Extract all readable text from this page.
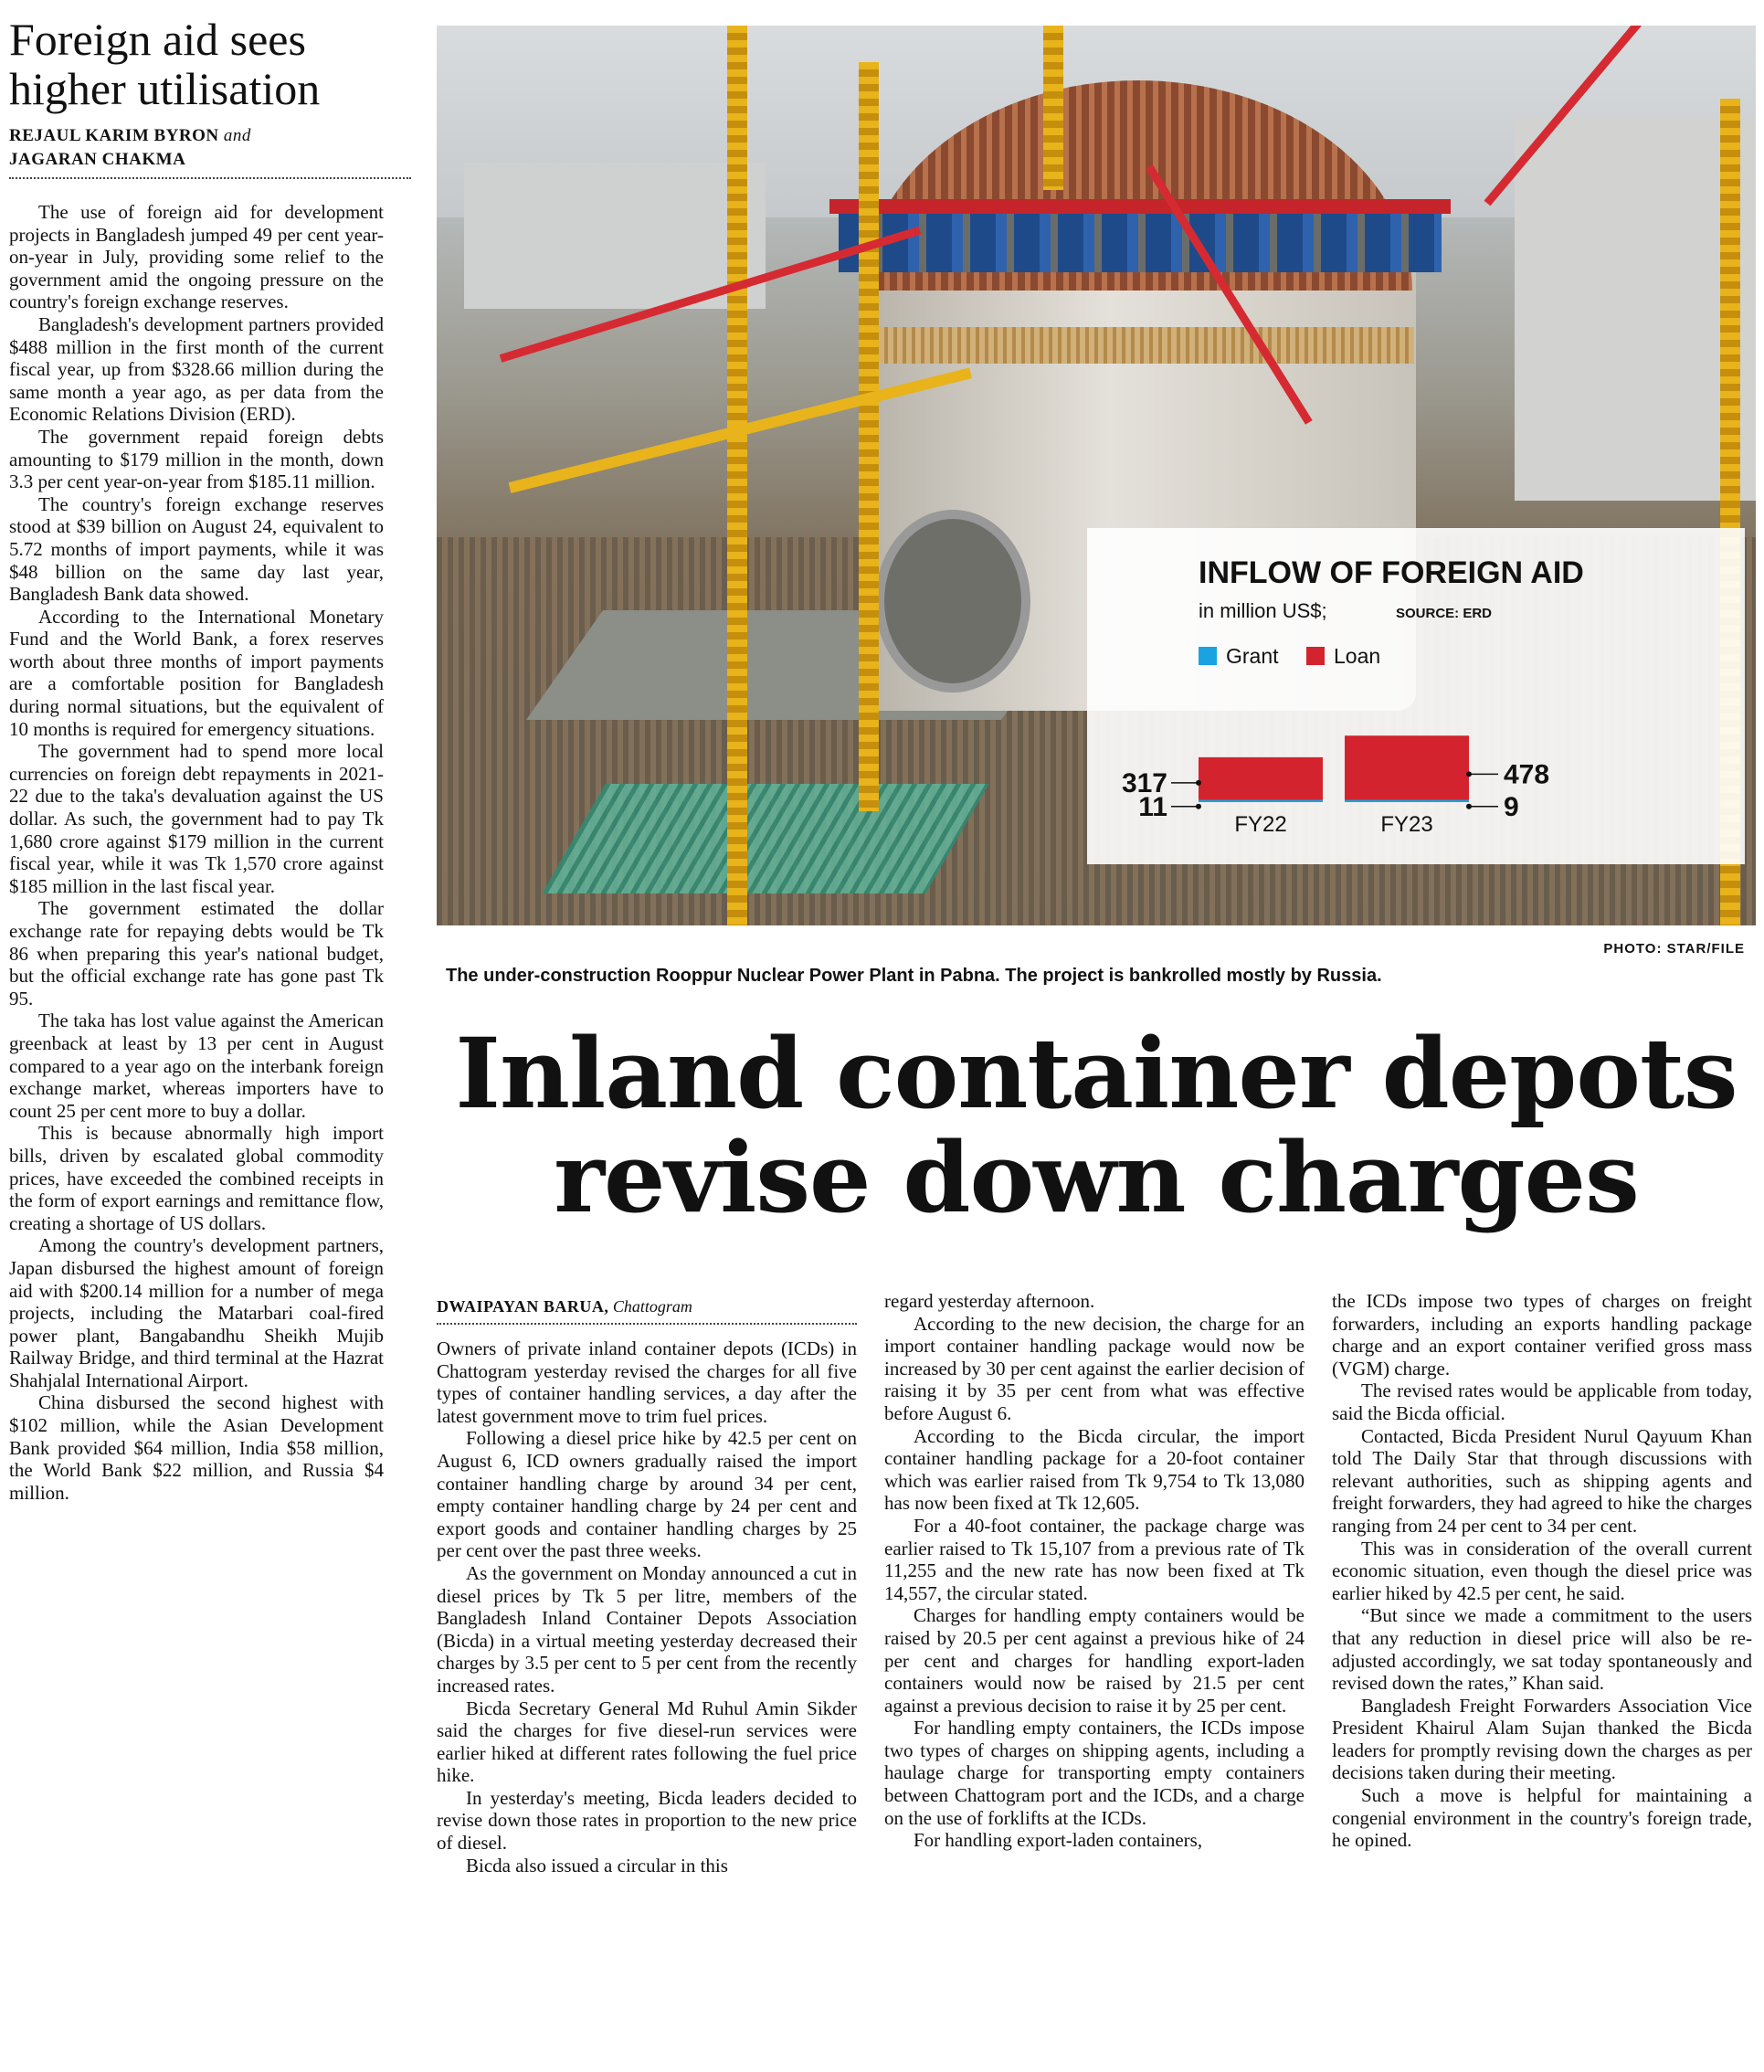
Foreign aid sees higher utilisation
REJAUL KARIM BYRON and
JAGARAN CHAKMA

The use of foreign aid for development projects in Bangladesh jumped 49 per cent year-on-year in July, providing some relief to the government amid the ongoing pressure on the country's foreign exchange reserves.

Bangladesh's development partners provided $488 million in the first month of the current fiscal year, up from $328.66 million during the same month a year ago, as per data from the Economic Relations Division (ERD).

The government repaid foreign debts amounting to $179 million in the month, down 3.3 per cent year-on-year from $185.11 million.

The country's foreign exchange reserves stood at $39 billion on August 24, equivalent to 5.72 months of import payments, while it was $48 billion on the same day last year, Bangladesh Bank data showed.

According to the International Monetary Fund and the World Bank, a forex reserves worth about three months of import payments are a comfortable position for Bangladesh during normal situations, but the equivalent of 10 months is required for emergency situations.

The government had to spend more local currencies on foreign debt repayments in 2021-22 due to the taka's devaluation against the US dollar. As such, the government had to pay Tk 1,680 crore against $179 million in the current fiscal year, while it was Tk 1,570 crore against $185 million in the last fiscal year.

The government estimated the dollar exchange rate for repaying debts would be Tk 86 when preparing this year's national budget, but the official exchange rate has gone past Tk 95.

The taka has lost value against the American greenback at least by 13 per cent in August compared to a year ago on the interbank foreign exchange market, whereas importers have to count 25 per cent more to buy a dollar.

This is because abnormally high import bills, driven by escalated global commodity prices, have exceeded the combined receipts in the form of export earnings and remittance flow, creating a shortage of US dollars.

Among the country's development partners, Japan disbursed the highest amount of foreign aid with $200.14 million for a number of mega projects, including the Matarbari coal-fired power plant, Bangabandhu Sheikh Mujib Railway Bridge, and third terminal at the Hazrat Shahjalal International Airport.

China disbursed the second highest with $102 million, while the Asian Development Bank provided $64 million, India $58 million, the World Bank $22 million, and Russia $4 million.

INFLOW OF FOREIGN AID
in million US$;	SOURCE: ERD
Grant	Loan
FY22
317
11
FY23
478
9
PHOTO: STAR/FILE
The under-construction Rooppur Nuclear Power Plant in Pabna. The project is bankrolled mostly by Russia.
Inland container depots revise down charges
DWAIPAYAN BARUA, Chattogram

Owners of private inland container depots (ICDs) in Chattogram yesterday revised the charges for all five types of container handling services, a day after the latest government move to trim fuel prices.

Following a diesel price hike by 42.5 per cent on August 6, ICD owners gradually raised the import container handling charge by around 34 per cent, empty container handling charge by 24 per cent and export goods and container handling charges by 25 per cent over the past three weeks.

As the government on Monday announced a cut in diesel prices by Tk 5 per litre, members of the Bangladesh Inland Container Depots Association (Bicda) in a virtual meeting yesterday decreased their charges by 3.5 per cent to 5 per cent from the recently increased rates.

Bicda Secretary General Md Ruhul Amin Sikder said the charges for five diesel-run services were earlier hiked at different rates following the fuel price hike.

In yesterday's meeting, Bicda leaders decided to revise down those rates in proportion to the new price of diesel.

Bicda also issued a circular in this

regard yesterday afternoon.

According to the new decision, the charge for an import container handling package would now be increased by 30 per cent against the earlier decision of raising it by 35 per cent from what was effective before August 6.

According to the Bicda circular, the import container handling package for a 20-foot container which was earlier raised from Tk 9,754 to Tk 13,080 has now been fixed at Tk 12,605.

For a 40-foot container, the package charge was earlier raised to Tk 15,107 from a previous rate of Tk 11,255 and the new rate has now been fixed at Tk 14,557, the circular stated.

Charges for handling empty containers would be raised by 20.5 per cent against a previous hike of 24 per cent and charges for handling export-laden containers would now be raised by 21.5 per cent against a previous decision to raise it by 25 per cent.

For handling empty containers, the ICDs impose two types of charges on shipping agents, including a haulage charge for transporting empty containers between Chattogram port and the ICDs, and a charge on the use of forklifts at the ICDs.

For handling export-laden containers,

the ICDs impose two types of charges on freight forwarders, including an exports handling package charge and an export container verified gross mass (VGM) charge.

The revised rates would be applicable from today, said the Bicda official.

Contacted, Bicda President Nurul Qayuum Khan told The Daily Star that through discussions with relevant authorities, such as shipping agents and freight forwarders, they had agreed to hike the charges ranging from 24 per cent to 34 per cent.

This was in consideration of the overall current economic situation, even though the diesel price was earlier hiked by 42.5 per cent, he said.

“But since we made a commitment to the users that any reduction in diesel price will also be re-adjusted accordingly, we sat today spontaneously and revised down the rates,” Khan said.

Bangladesh Freight Forwarders Association Vice President Khairul Alam Sujan thanked the Bicda leaders for promptly revising down the charges as per decisions taken during their meeting.

Such a move is helpful for maintaining a congenial environment in the country's foreign trade, he opined.
